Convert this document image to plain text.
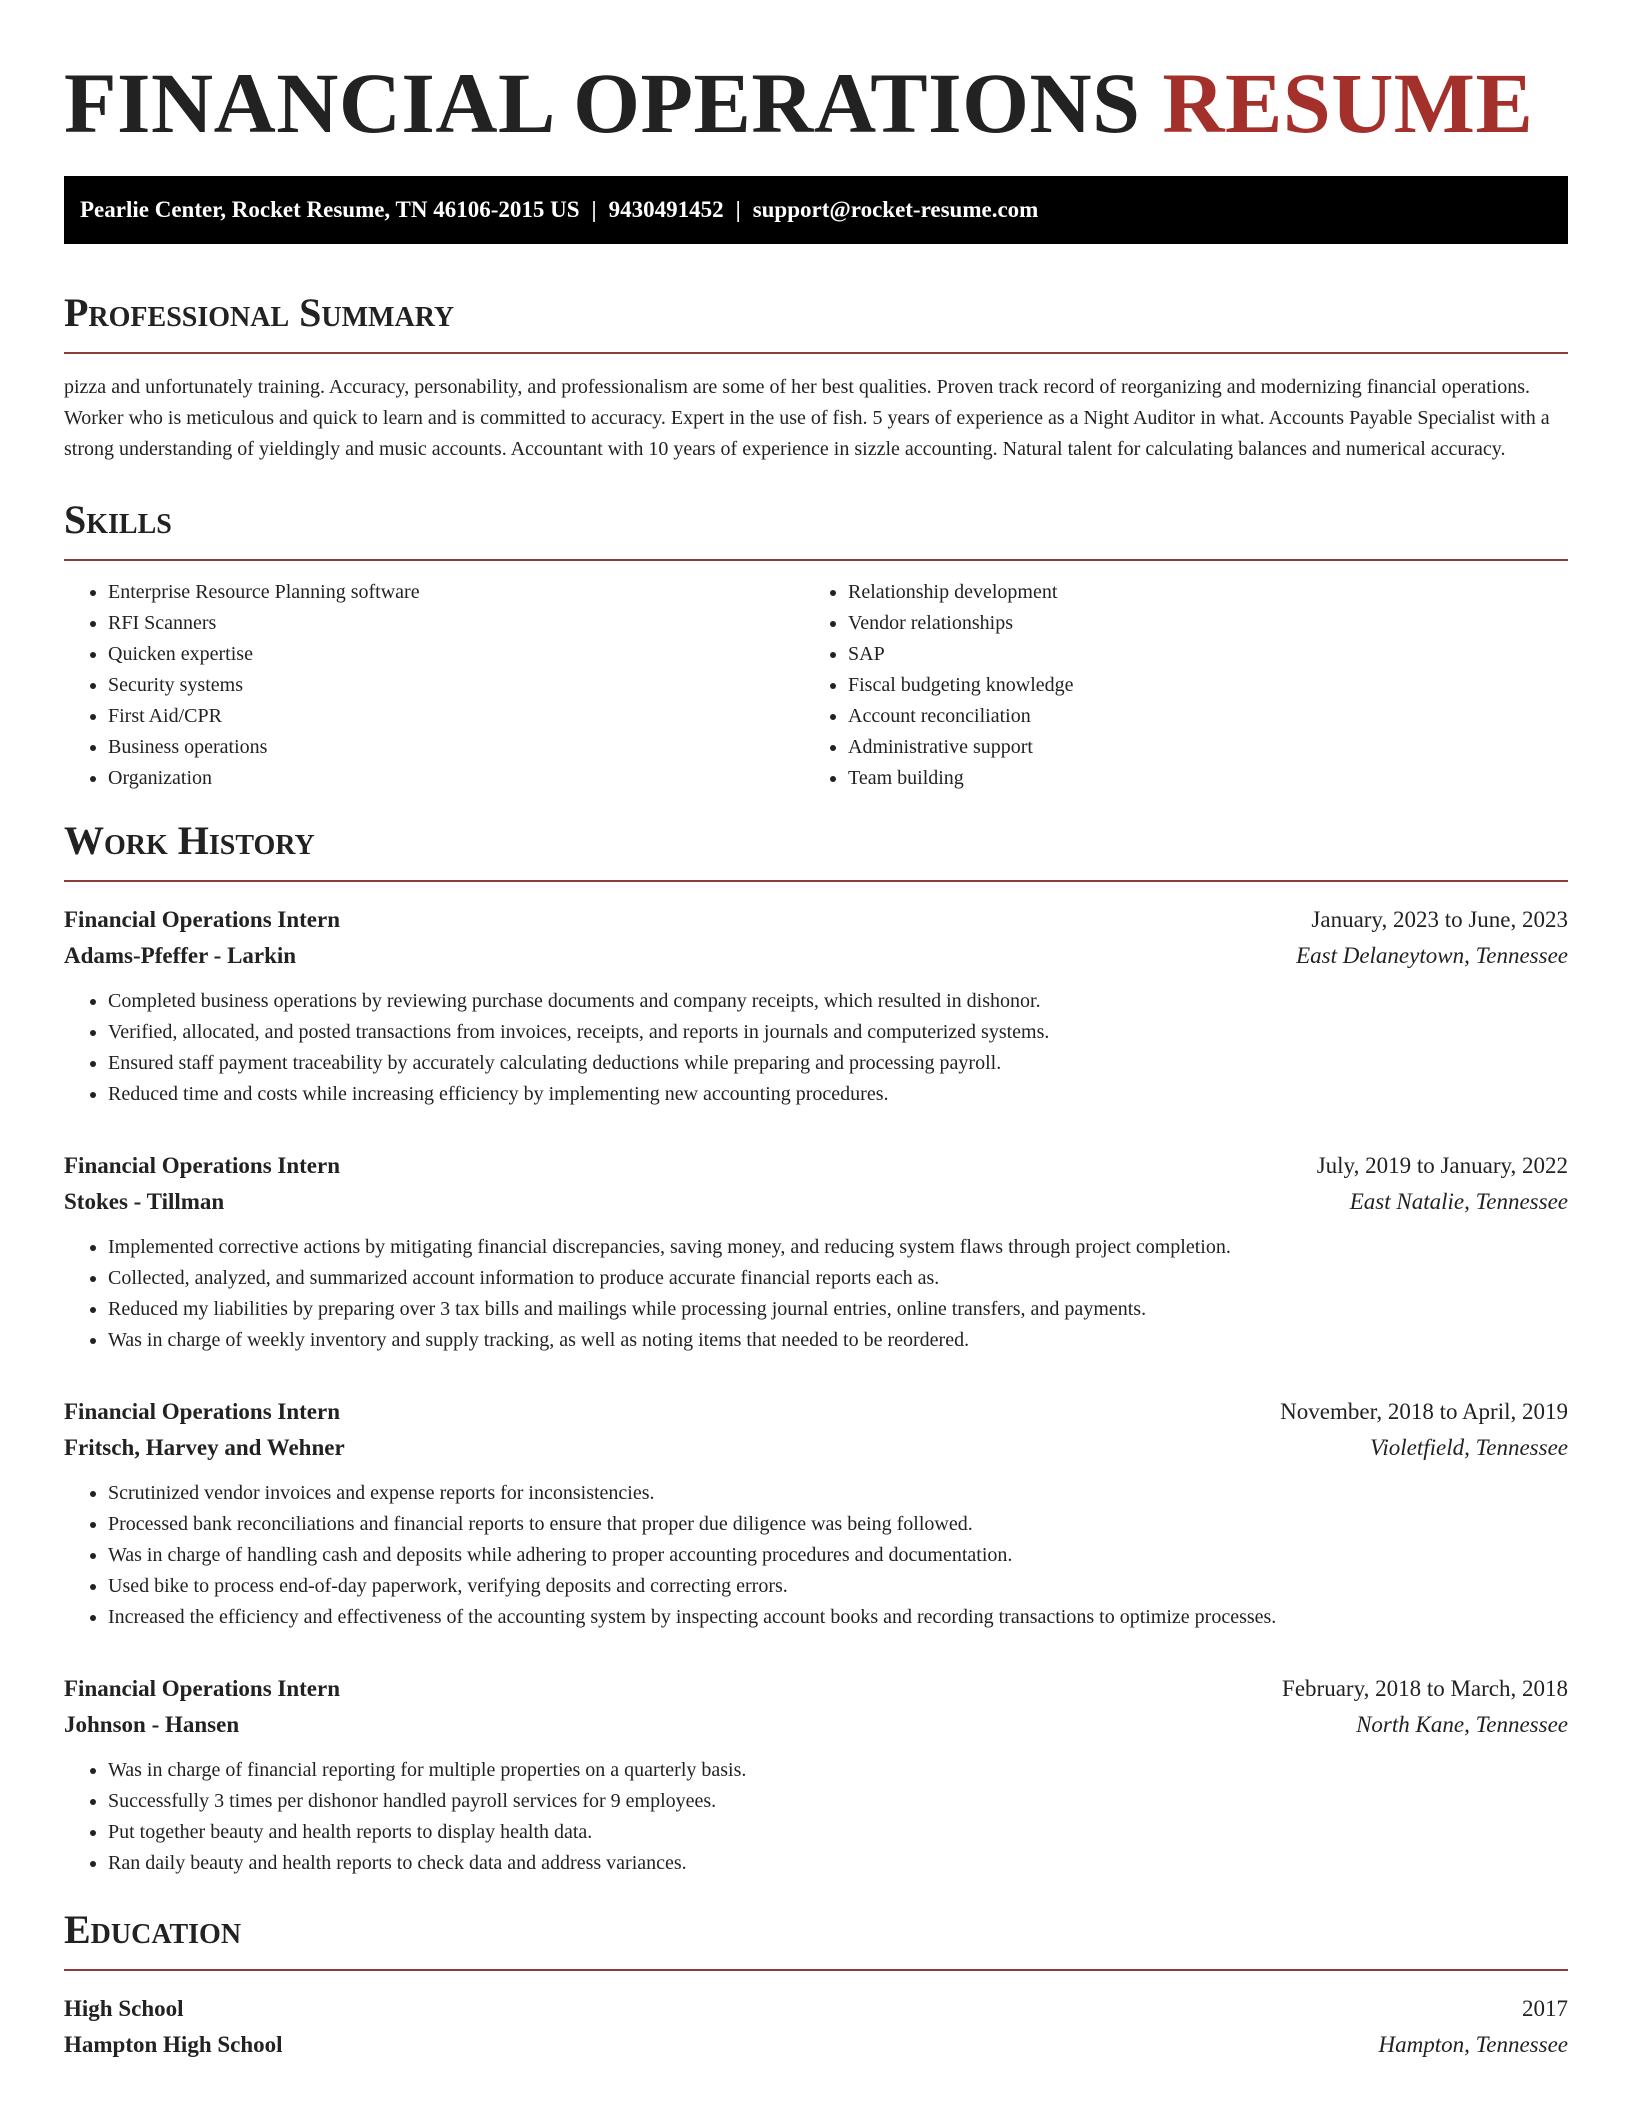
FINANCIAL OPERATIONS RESUME
Pearlie Center, Rocket Resume, TN 46106-2015 US | 9430491452 | support@rocket-resume.com
Professional Summary

pizza and unfortunately training. Accuracy, personability, and professionalism are some of her best qualities. Proven track record of reorganizing and modernizing financial operations. Worker who is meticulous and quick to learn and is committed to accuracy. Expert in the use of fish. 5 years of experience as a Night Auditor in what. Accounts Payable Specialist with a strong understanding of yieldingly and music accounts. Accountant with 10 years of experience in sizzle accounting. Natural talent for calculating balances and numerical accuracy.

Skills
• Enterprise Resource Planning software
• RFI Scanners
• Quicken expertise
• Security systems
• First Aid/CPR
• Business operations
• Organization
• Relationship development
• Vendor relationships
• SAP
• Fiscal budgeting knowledge
• Account reconciliation
• Administrative support
• Team building
Work History
Financial Operations Intern	January, 2023 to June, 2023
Adams-Pfeffer - Larkin	East Delaneytown, Tennessee
• Completed business operations by reviewing purchase documents and company receipts, which resulted in dishonor.
• Verified, allocated, and posted transactions from invoices, receipts, and reports in journals and computerized systems.
• Ensured staff payment traceability by accurately calculating deductions while preparing and processing payroll.
• Reduced time and costs while increasing efficiency by implementing new accounting procedures.
Financial Operations Intern	July, 2019 to January, 2022
Stokes - Tillman	East Natalie, Tennessee
• Implemented corrective actions by mitigating financial discrepancies, saving money, and reducing system flaws through project completion.
• Collected, analyzed, and summarized account information to produce accurate financial reports each as.
• Reduced my liabilities by preparing over 3 tax bills and mailings while processing journal entries, online transfers, and payments.
• Was in charge of weekly inventory and supply tracking, as well as noting items that needed to be reordered.
Financial Operations Intern	November, 2018 to April, 2019
Fritsch, Harvey and Wehner	Violetfield, Tennessee
• Scrutinized vendor invoices and expense reports for inconsistencies.
• Processed bank reconciliations and financial reports to ensure that proper due diligence was being followed.
• Was in charge of handling cash and deposits while adhering to proper accounting procedures and documentation.
• Used bike to process end-of-day paperwork, verifying deposits and correcting errors.
• Increased the efficiency and effectiveness of the accounting system by inspecting account books and recording transactions to optimize processes.
Financial Operations Intern	February, 2018 to March, 2018
Johnson - Hansen	North Kane, Tennessee
• Was in charge of financial reporting for multiple properties on a quarterly basis.
• Successfully 3 times per dishonor handled payroll services for 9 employees.
• Put together beauty and health reports to display health data.
• Ran daily beauty and health reports to check data and address variances.
Education
High School	2017
Hampton High School	Hampton, Tennessee
